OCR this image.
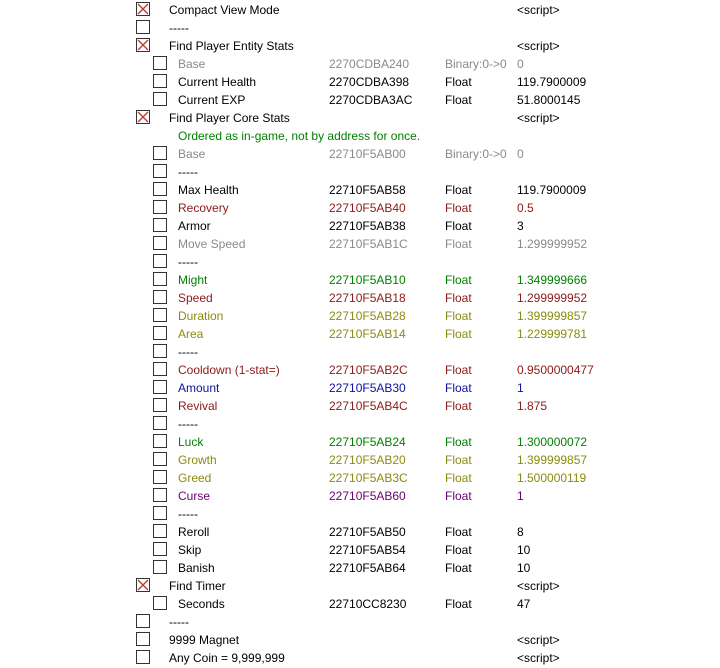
Compact View Mode	<script>
-----
Find Player Entity Stats	<script>
Base	2270CDBA240	Binary:0->0 0
Current Health	2270CDBA398	Float	119.7900009
Current EXP	2270CDBA3AC	Float	51.8000145
Find Player Core Stats	<script>
Ordered as in-game, not by address for once.
Base	22710F5AB00	Binary:0->0 0
-----
Max Health	22710F5AB58	Float	119.7900009
Recovery	22710F5AB40	Float	0.5
Armor	22710F5AB38	Float	3
Move Speed	22710F5AB1C	Float	1.299999952
-----
Might	22710F5AB10	Float	1.349999666
Speed	22710F5AB18	Float	1.299999952
Duration	22710F5AB28	Float	1.399999857
Area	22710F5AB14	Float	1.229999781
-----
Cooldown (1-stat=)	22710F5AB2C	Float	0.9500000477
Amount	22710F5AB30	Float	1
Revival	22710F5AB4C	Float	1.875
-----
Luck	22710F5AB24	Float	1.300000072
Growth	22710F5AB20	Float	1.399999857
Greed	22710F5AB3C	Float	1.500000119
Curse	22710F5AB60	Float	1
-----
Reroll	22710F5AB50	Float	8
Skip	22710F5AB54	Float	10
Banish	22710F5AB64	Float	10
Find Timer	<script>
Seconds	22710CC8230	Float	47
-----
9999 Magnet	<script>
Any Coin = 9,999,999	<script>
